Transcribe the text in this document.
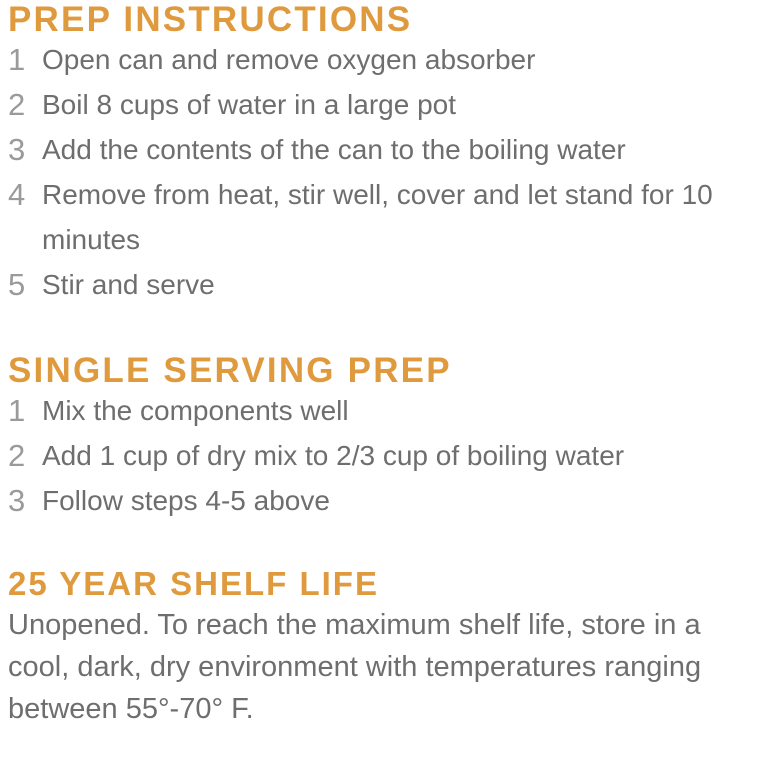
PREP INSTRUCTIONS
1 Open can and remove oxygen absorber
2 Boil 8 cups of water in a large pot
3 Add the contents of the can to the boiling water
4 Remove from heat, stir well, cover and let stand for 10 minutes
5 Stir and serve
SINGLE SERVING PREP
1 Mix the components well
2 Add 1 cup of dry mix to 2/3 cup of boiling water
3 Follow steps 4-5 above
25 YEAR SHELF LIFE

Unopened. To reach the maximum shelf life, store in a cool, dark, dry environment with temperatures ranging between 55°-70° F.
